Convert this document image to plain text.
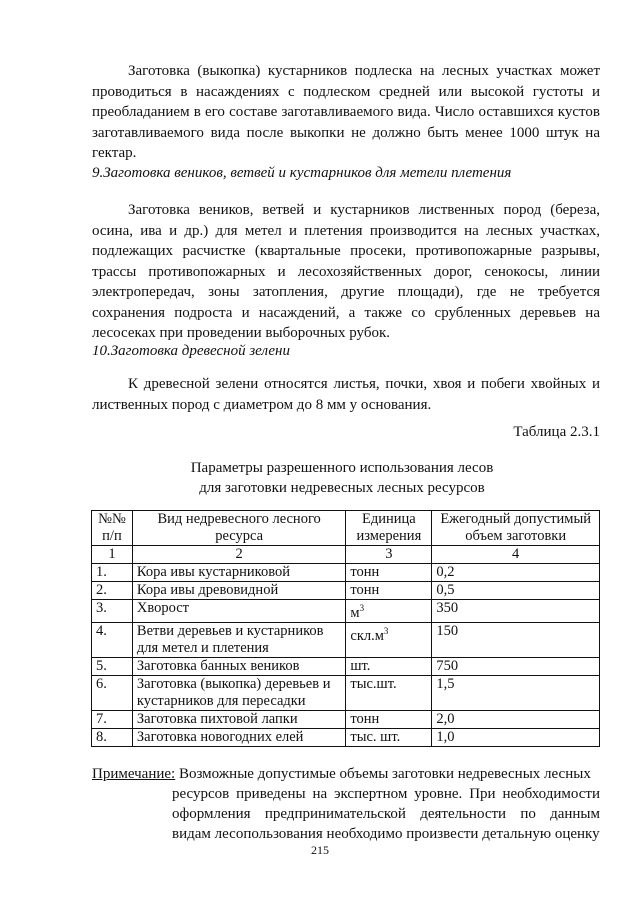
Заготовка (выкопка) кустарников подлеска на лесных участках может проводиться в насаждениях с подлеском средней или высокой густоты и преобладанием в его составе заготавливаемого вида. Число оставшихся кустов заготавливаемого вида после выкопки не должно быть менее 1000 штук на гектар.

9.Заготовка веников, ветвей и кустарников для метели плетения

Заготовка веников, ветвей и кустарников лиственных пород (береза, осина, ива и др.) для метел и плетения производится на лесных участках, подлежащих расчистке (квартальные просеки, противопожарные разрывы, трассы противопожарных и лесохозяйственных дорог, сенокосы, линии электропередач, зоны затопления, другие площади), где не требуется сохранения подроста и насаждений, а также со срубленных деревьев на лесосеках при проведении выборочных рубок.

10.Заготовка древесной зелени

К древесной зелени относятся листья, почки, хвоя и побеги хвойных и лиственных пород с диаметром до 8 мм у основания.

Таблица 2.3.1
Параметры разрешенного использования лесов
для заготовки недревесных лесных ресурсов
№№ п/п	Вид недревесного лесного ресурса	Единица измерения	Ежегодный допустимый объем заготовки
1	2	3	4
1.	Кора ивы кустарниковой	тонн	0,2
2.	Кора ивы древовидной	тонн	0,5
3.	Хворост	$м^3$	350
4.	Ветви деревьев и кустарников для метел и плетения	$скл.м^3$	150
5.	Заготовка банных веников	шт.	750
6.	Заготовка (выкопка) деревьев и кустарников для пересадки	тыс.шт.	1,5
7.	Заготовка пихтовой лапки	тонн	2,0
8.	Заготовка новогодних елей	тыс. шт.	1,0
Примечание: Возможные допустимые объемы заготовки недревесных лесных
ресурсов приведены на экспертном уровне. При необходимости оформления предпринимательской деятельности по данным видам лесопользования необходимо произвести детальную оценку
215
